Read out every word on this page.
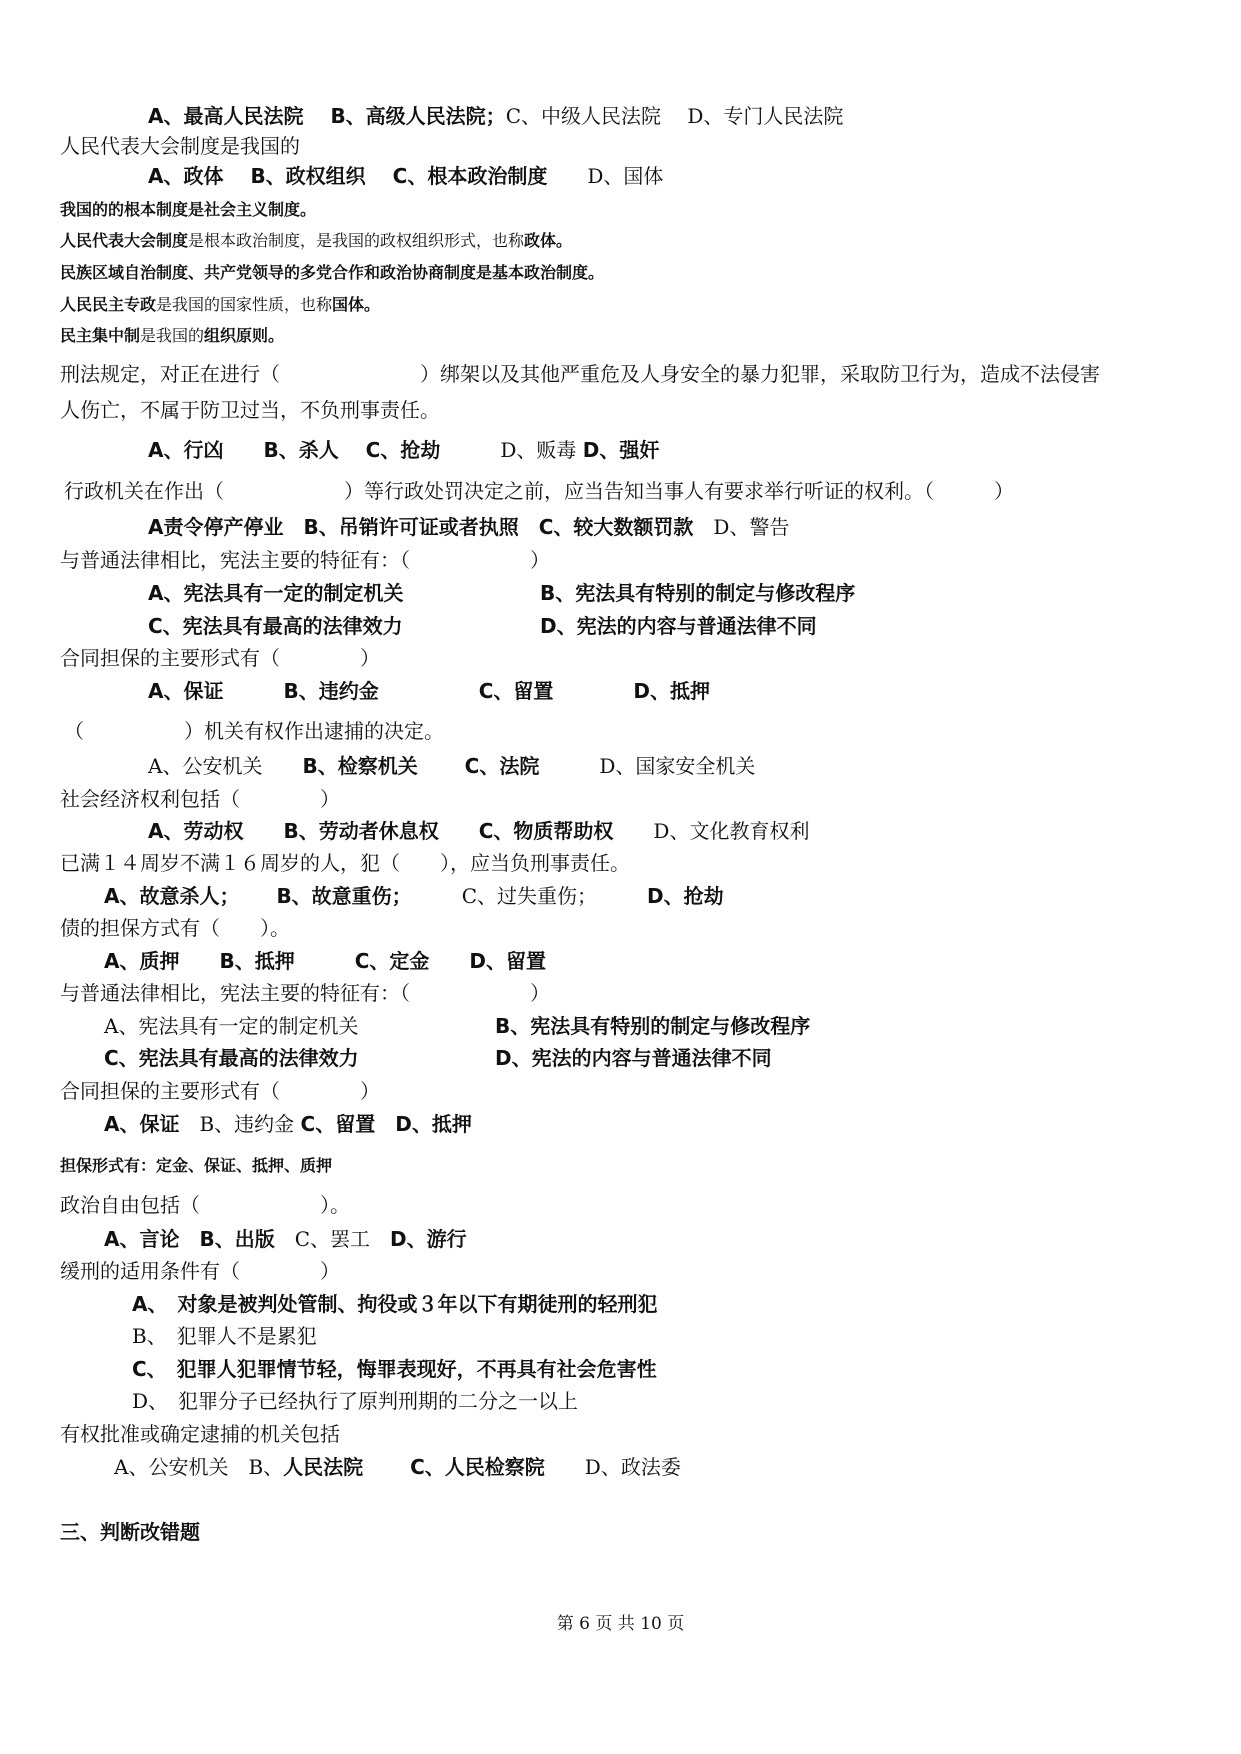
A、最高人民法院　 B、高级人民法院；C、中级人民法院　 D、专门人民法院
人民代表大会制度是我国的
A、政体　 B、政权组织　 C、根本政治制度　　D、国体
我国的的根本制度是社会主义制度。
人民代表大会制度是根本政治制度，是我国的政权组织形式，也称政体。
民族区域自治制度、共产党领导的多党合作和政治协商制度是基本政治制度。
人民民主专政是我国的国家性质，也称国体。
民主集中制是我国的组织原则。
刑法规定，对正在进行（　　　　　　　）绑架以及其他严重危及人身安全的暴力犯罪，采取防卫行为，造成不法侵害
人伤亡，不属于防卫过当，不负刑事责任。
A、行凶　　B、杀人　 C、抢劫　　　D、贩毒 D、强奸
行政机关在作出（　　　　　　）等行政处罚决定之前，应当告知当事人有要求举行听证的权利。（　　　）
A责令停产停业　B、吊销许可证或者执照　C、较大数额罚款　D、警告
与普通法律相比，宪法主要的特征有：（　　　　　　）
A、宪法具有一定的制定机关	B、宪法具有特别的制定与修改程序
C、宪法具有最高的法律效力	D、宪法的内容与普通法律不同
合同担保的主要形式有（　　　　）
A、保证　　　B、违约金　　　　　C、留置　　　　D、抵押
（　　　　　）机关有权作出逮捕的决定。
A、公安机关　　B、检察机关　　 C、法院　　　D、国家安全机关
社会经济权利包括（　　　　）
A、劳动权　　B、劳动者休息权　　C、物质帮助权　　D、文化教育权利
已满１４周岁不满１６周岁的人，犯（　　），应当负刑事责任。
A、故意杀人；　　 B、故意重伤；　　　C、过失重伤；　　　D、抢劫
债的担保方式有（　　）。
A、质押　　B、抵押　　　C、定金　　D、留置
与普通法律相比，宪法主要的特征有：（　　　　　　）
A、宪法具有一定的制定机关	B、宪法具有特别的制定与修改程序
C、宪法具有最高的法律效力	D、宪法的内容与普通法律不同
合同担保的主要形式有（　　　　）
A、保证　B、违约金 C、留置　D、抵押
担保形式有：定金、保证、抵押、质押
政治自由包括（　　　　　　）。
A、言论　B、出版　C、罢工　D、游行
缓刑的适用条件有（　　　　）
A、　对象是被判处管制、拘役或３年以下有期徒刑的轻刑犯
B、　犯罪人不是累犯
C、　犯罪人犯罪情节轻，悔罪表现好，不再具有社会危害性
D、　犯罪分子已经执行了原判刑期的二分之一以上
有权批准或确定逮捕的机关包括
A、公安机关　B、人民法院　　 C、人民检察院　　D、政法委
三、判断改错题
第 6 页 共 10 页
